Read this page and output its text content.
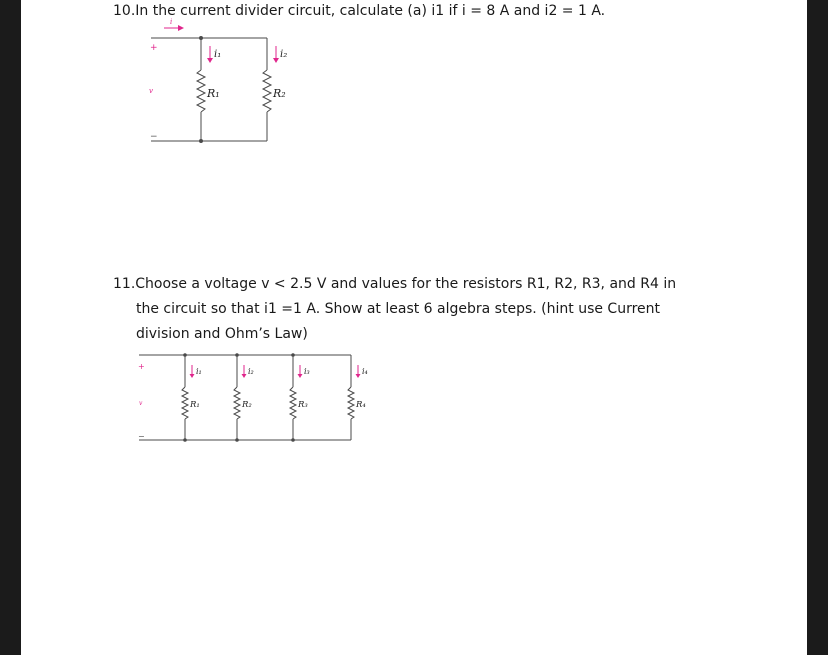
10.In the current divider circuit, calculate (a) i1 if i = 8 A and i2 = 1 A.
i
+
v
−
i₁	i₂
R₁	R₂
11.Choose a voltage v < 2.5 V and values for the resistors R1, R2, R3, and R4 in
the circuit so that i1 =1 A. Show at least 6 algebra steps. (hint use Current
division and Ohm’s Law)
+
v
−
i₁	i₂	i₃	i₄
R₁	R₂	R₃	R₄
